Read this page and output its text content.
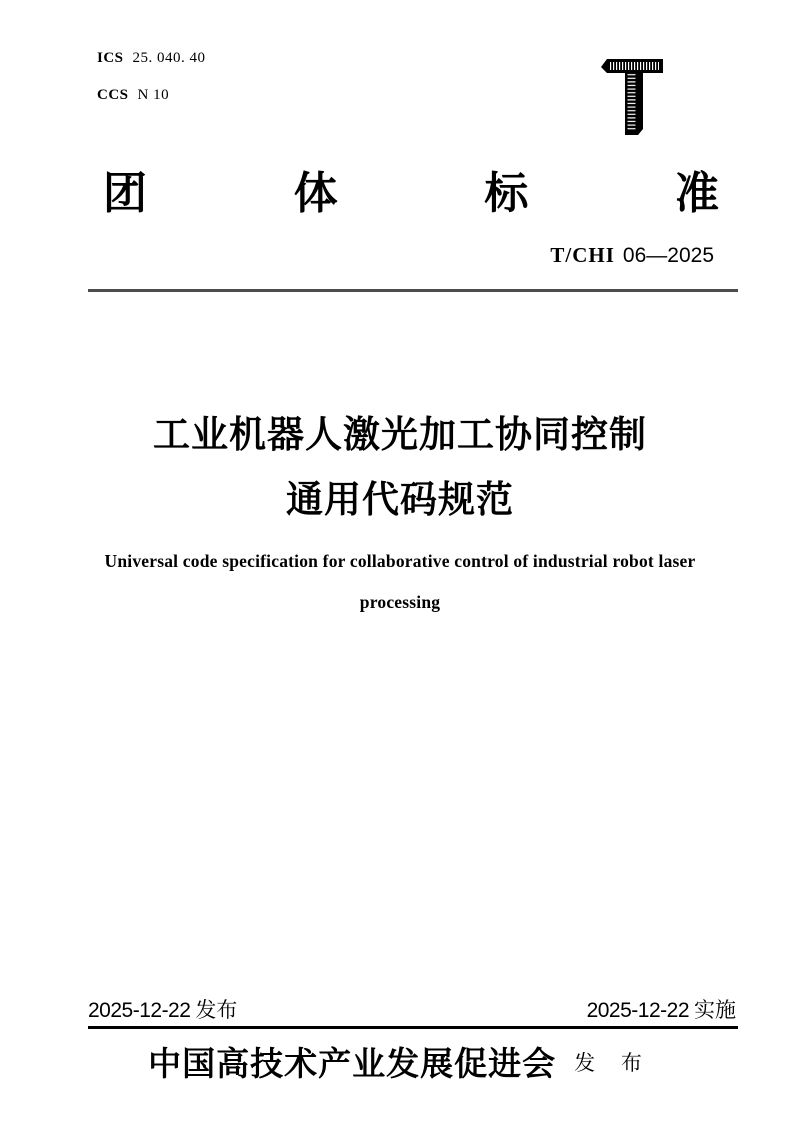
ICS 25. 040. 40
CCS N 10
团	体	标	准
T/CHI 06—2025
工业机器人激光加工协同控制
通用代码规范
Universal code specification for collaborative control of industrial robot laser
processing
2025-12-22 发布	2025-12-22 实施
中国高技术产业发展促进会 发 布
